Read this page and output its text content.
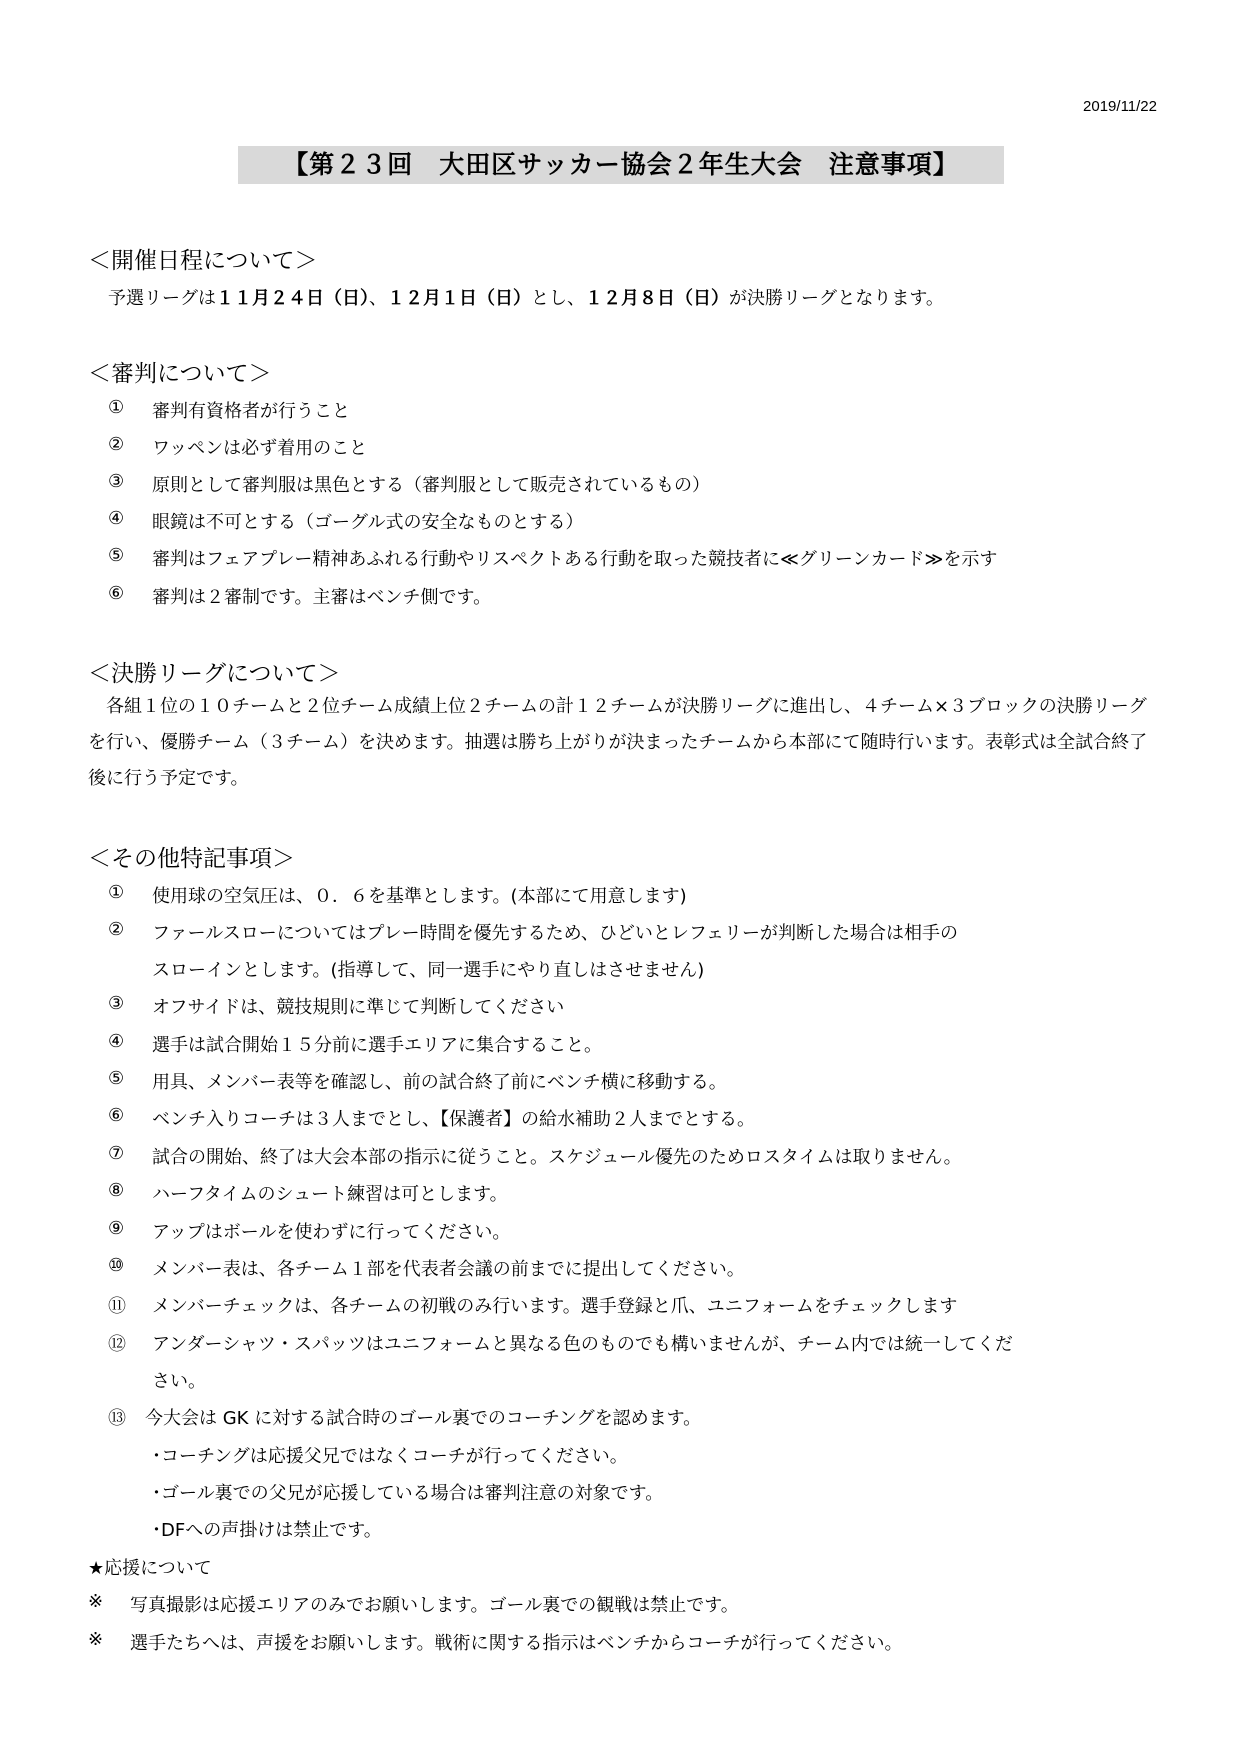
2019/11/22
【第２３回　大田区サッカー協会２年生大会　注意事項】
＜開催日程について＞
予選リーグは１１月２４日（日）、１２月１日（日）とし、１２月８日（日）が決勝リーグとなります。
＜審判について＞
① 審判有資格者が行うこと
② ワッペンは必ず着用のこと
③ 原則として審判服は黒色とする（審判服として販売されているもの）
④ 眼鏡は不可とする（ゴーグル式の安全なものとする）
⑤ 審判はフェアプレー精神あふれる行動やリスペクトある行動を取った競技者に≪グリーンカード≫を示す
⑥ 審判は２審制です。主審はベンチ側です。
＜決勝リーグについて＞
各組１位の１０チームと２位チーム成績上位２チームの計１２チームが決勝リーグに進出し、４チーム×３ブロックの決勝リーグを行い、優勝チーム（３チーム）を決めます。抽選は勝ち上がりが決まったチームから本部にて随時行います。表彰式は全試合終了後に行う予定です。
＜その他特記事項＞
① 使用球の空気圧は、０．６を基準とします。(本部にて用意します)
② ファールスローについてはプレー時間を優先するため、ひどいとレフェリーが判断した場合は相手の
スローインとします。(指導して、同一選手にやり直しはさせません)
③ オフサイドは、競技規則に準じて判断してください
④ 選手は試合開始１５分前に選手エリアに集合すること。
⑤ 用具、メンバー表等を確認し、前の試合終了前にベンチ横に移動する。
⑥ ベンチ入りコーチは３人までとし、【保護者】の給水補助２人までとする。
⑦ 試合の開始、終了は大会本部の指示に従うこと。スケジュール優先のためロスタイムは取りません。
⑧ ハーフタイムのシュート練習は可とします。
⑨ アップはボールを使わずに行ってください。
⑩ メンバー表は、各チーム１部を代表者会議の前までに提出してください。
⑪ メンバーチェックは、各チームの初戦のみ行います。選手登録と爪、ユニフォームをチェックします
⑫ アンダーシャツ・スパッツはユニフォームと異なる色のものでも構いませんが、チーム内では統一してくだ
さい。
⑬ 今大会は GK に対する試合時のゴール裏でのコーチングを認めます。
･コーチングは応援父兄ではなくコーチが行ってください。
･ゴール裏での父兄が応援している場合は審判注意の対象です。
･DFへの声掛けは禁止です。
★応援について
※ 写真撮影は応援エリアのみでお願いします。ゴール裏での観戦は禁止です。
※ 選手たちへは、声援をお願いします。戦術に関する指示はベンチからコーチが行ってください。
